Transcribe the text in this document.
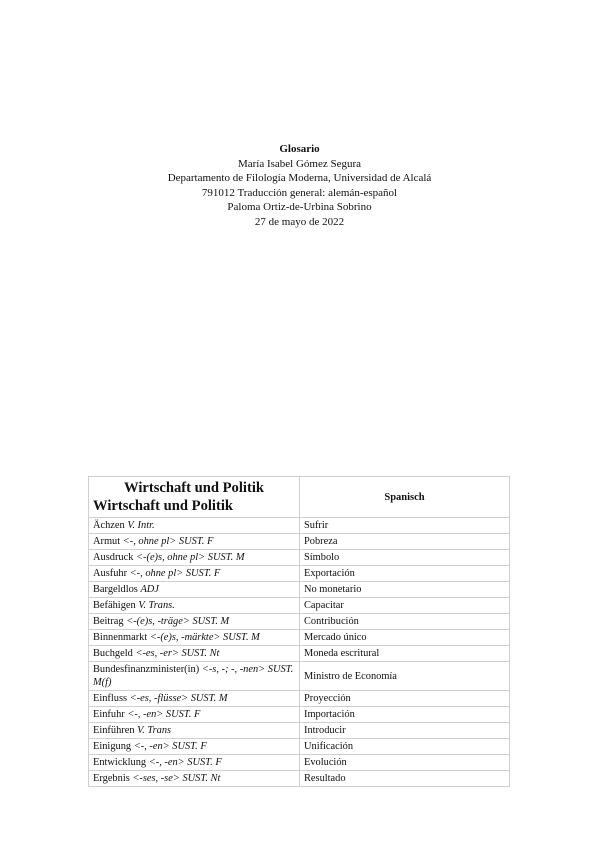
Glosario
María Isabel Gómez Segura
Departamento de Filología Moderna, Universidad de Alcalá
791012 Traducción general: alemán-español
Paloma Ortiz-de-Urbina Sobrino
27 de mayo de 2022
Wirtschaft und Politik
Wirtschaft und Politik	Spanisch
Ächzen V. Intr.	Sufrir
Armut <-, ohne pl> SUST. F	Pobreza
Ausdruck <-(e)s, ohne pl> SUST. M	Símbolo
Ausfuhr <-, ohne pl> SUST. F	Exportación
Bargeldlos ADJ	No monetario
Befähigen V. Trans.	Capacitar
Beitrag <-(e)s, -träge> SUST. M	Contribución
Binnenmarkt <-(e)s, -märkte> SUST. M	Mercado único
Buchgeld <-es, -er> SUST. Nt	Moneda escritural
Bundesfinanzminister(in) <-s, -; -, -nen> SUST. M(f)	Ministro de Economía
Einfluss <-es, -flüsse> SUST. M	Proyección
Einfuhr <-, -en> SUST. F	Importación
Einführen V. Trans	Introducir
Einigung <-, -en> SUST. F	Unificación
Entwicklung <-, -en> SUST. F	Evolución
Ergebnis <-ses, -se> SUST. Nt	Resultado
